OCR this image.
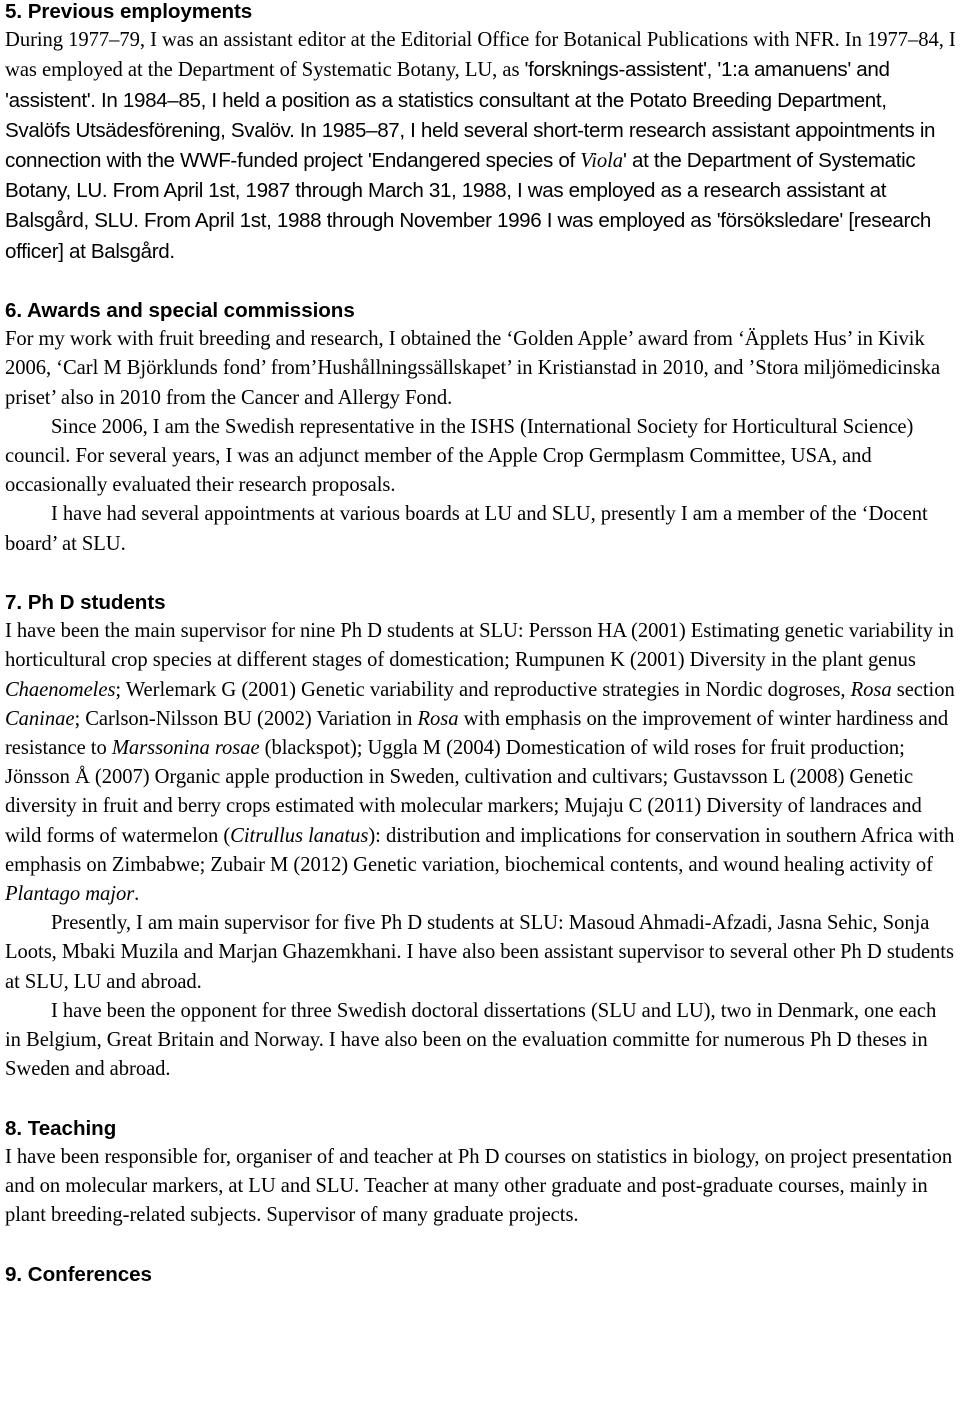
5. Previous employments

During 1977–79, I was an assistant editor at the Editorial Office for Botanical Publications with NFR. In 1977–84, I was employed at the Department of Systematic Botany, LU, as 'forsknings-assistent', '1:a amanuens' and 'assistent'. In 1984–85, I held a position as a statistics consultant at the Potato Breeding Department, Svalöfs Utsädesförening, Svalöv. In 1985–87, I held several short-term research assistant appointments in connection with the WWF-funded project 'Endangered species of Viola' at the Department of Systematic Botany, LU. From April 1st, 1987 through March 31, 1988, I was employed as a research assistant at Balsgård, SLU. From April 1st, 1988 through November 1996 I was employed as 'försöksledare' [research officer] at Balsgård.

6. Awards and special commissions

For my work with fruit breeding and research, I obtained the ‘Golden Apple’ award from ‘Äpplets Hus’ in Kivik 2006, ‘Carl M Björklunds fond’ from’Hushållningssällskapet’ in Kristianstad in 2010, and ’Stora miljömedicinska priset’ also in 2010 from the Cancer and Allergy Fond.

Since 2006, I am the Swedish representative in the ISHS (International Society for Horticultural Science) council. For several years, I was an adjunct member of the Apple Crop Germplasm Committee, USA, and occasionally evaluated their research proposals.

I have had several appointments at various boards at LU and SLU, presently I am a member of the ‘Docent board’ at SLU.

7. Ph D students

I have been the main supervisor for nine Ph D students at SLU: Persson HA (2001) Estimating genetic variability in horticultural crop species at different stages of domestication; Rumpunen K (2001) Diversity in the plant genus Chaenomeles; Werlemark G (2001) Genetic variability and reproductive strategies in Nordic dogroses, Rosa section Caninae; Carlson-Nilsson BU (2002) Variation in Rosa with emphasis on the improvement of winter hardiness and resistance to Marssonina rosae (blackspot); Uggla M (2004) Domestication of wild roses for fruit production; Jönsson Å (2007) Organic apple production in Sweden, cultivation and cultivars; Gustavsson L (2008) Genetic diversity in fruit and berry crops estimated with molecular markers; Mujaju C (2011) Diversity of landraces and wild forms of watermelon (Citrullus lanatus): distribution and implications for conservation in southern Africa with emphasis on Zimbabwe; Zubair M (2012) Genetic variation, biochemical contents, and wound healing activity of Plantago major.

Presently, I am main supervisor for five Ph D students at SLU: Masoud Ahmadi-Afzadi, Jasna Sehic, Sonja Loots, Mbaki Muzila and Marjan Ghazemkhani. I have also been assistant supervisor to several other Ph D students at SLU, LU and abroad.

I have been the opponent for three Swedish doctoral dissertations (SLU and LU), two in Denmark, one each in Belgium, Great Britain and Norway. I have also been on the evaluation committe for numerous Ph D theses in Sweden and abroad.

8. Teaching

I have been responsible for, organiser of and teacher at Ph D courses on statistics in biology, on project presentation and on molecular markers, at LU and SLU. Teacher at many other graduate and post-graduate courses, mainly in plant breeding-related subjects. Supervisor of many graduate projects.

9. Conferences
